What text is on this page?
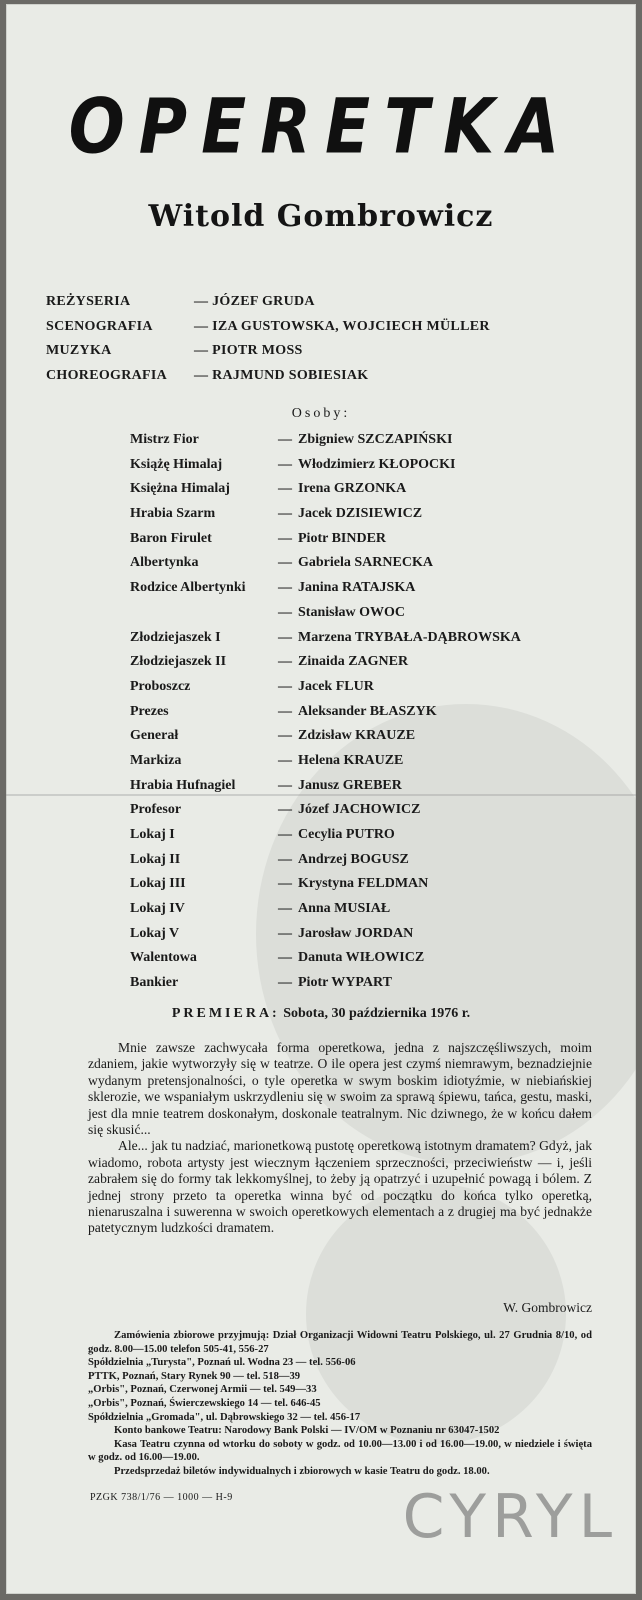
OPERETKA
Witold Gombrowicz
REŻYSERIA	— JÓZEF GRUDA
SCENOGRAFIA	— IZA GUSTOWSKA, WOJCIECH MÜLLER
MUZYKA	— PIOTR MOSS
CHOREOGRAFIA — RAJMUND SOBIESIAK
Osoby:
Mistrz Fior	— Zbigniew SZCZAPIŃSKI
Książę Himalaj	— Włodzimierz KŁOPOCKI
Księżna Himalaj	— Irena GRZONKA
Hrabia Szarm	— Jacek DZISIEWICZ
Baron Firulet	— Piotr BINDER
Albertynka	— Gabriela SARNECKA
Rodzice Albertynki — Janina RATAJSKA
— Stanisław OWOC
Złodziejaszek I	— Marzena TRYBAŁA-DĄBROWSKA
Złodziejaszek II	— Zinaida ZAGNER
Proboszcz	— Jacek FLUR
Prezes	— Aleksander BŁASZYK
Generał	— Zdzisław KRAUZE
Markiza	— Helena KRAUZE
Hrabia Hufnagiel	— Janusz GREBER
Profesor	— Józef JACHOWICZ
Lokaj I	— Cecylia PUTRO
Lokaj II	— Andrzej BOGUSZ
Lokaj III	— Krystyna FELDMAN
Lokaj IV	— Anna MUSIAŁ
Lokaj V	— Jarosław JORDAN
Walentowa	— Danuta WIŁOWICZ
Bankier	— Piotr WYPART
PREMIERA: Sobota, 30 października 1976 r.

Mnie zawsze zachwycała forma operetkowa, jedna z najszczęśliwszych, moim zdaniem, jakie wytworzyły się w teatrze. O ile opera jest czymś niemrawym, beznadziejnie wydanym pretensjonalności, o tyle operetka w swym boskim idiotyźmie, w niebiańskiej sklerozie, we wspaniałym uskrzydleniu się w swoim za sprawą śpiewu, tańca, gestu, maski, jest dla mnie teatrem doskonałym, doskonale teatralnym. Nic dziwnego, że w końcu dałem się skusić...

Ale... jak tu nadziać, marionetkową pustotę operetkową istotnym dramatem? Gdyż, jak wiadomo, robota artysty jest wiecznym łączeniem sprzeczności, przeciwieństw — i, jeśli zabrałem się do formy tak lekkomyślnej, to żeby ją opatrzyć i uzupełnić powagą i bólem. Z jednej strony przeto ta operetka winna być od początku do końca tylko operetką, nienaruszalna i suwerenna w swoich operetkowych elementach a z drugiej ma być jednakże patetycznym ludzkości dramatem.

W. Gombrowicz

Zamówienia zbiorowe przyjmują: Dział Organizacji Widowni Teatru Polskiego, ul. 27 Grudnia 8/10, od godz. 8.00—15.00 telefon 505-41, 556-27

Spółdzielnia „Turysta", Poznań ul. Wodna 23 — tel. 556-06

PTTK, Poznań, Stary Rynek 90 — tel. 518—39

„Orbis", Poznań, Czerwonej Armii — tel. 549—33

„Orbis", Poznań, Świerczewskiego 14 — tel. 646-45

Spółdzielnia „Gromada", ul. Dąbrowskiego 32 — tel. 456-17

Konto bankowe Teatru: Narodowy Bank Polski — IV/OM w Poznaniu nr 63047-1502

Kasa Teatru czynna od wtorku do soboty w godz. od 10.00—13.00 i od 16.00—19.00, w niedziele i święta w godz. od 16.00—19.00.

Przedsprzedaż biletów indywidualnych i zbiorowych w kasie Teatru do godz. 18.00.

PZGK 738/1/76 — 1000 — H-9	CYRYL
